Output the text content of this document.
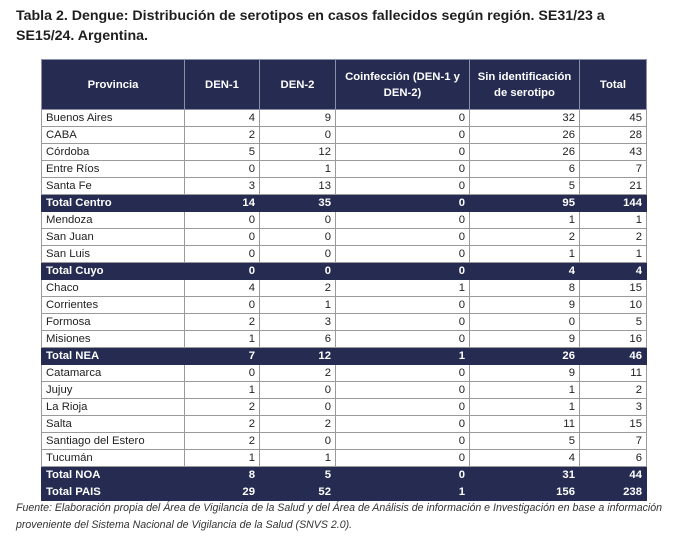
Tabla 2. Dengue: Distribución de serotipos en casos fallecidos según región. SE31/23 a SE15/24. Argentina.
Provincia	DEN-1	DEN-2	Coinfección (DEN-1 y DEN-2)	Sin identificación de serotipo	Total
Buenos Aires	4	9	0	32	45
CABA	2	0	0	26	28
Córdoba	5	12	0	26	43
Entre Ríos	0	1	0	6	7
Santa Fe	3	13	0	5	21
Total Centro	14	35	0	95	144
Mendoza	0	0	0	1	1
San Juan	0	0	0	2	2
San Luis	0	0	0	1	1
Total Cuyo	0	0	0	4	4
Chaco	4	2	1	8	15
Corrientes	0	1	0	9	10
Formosa	2	3	0	0	5
Misiones	1	6	0	9	16
Total NEA	7	12	1	26	46
Catamarca	0	2	0	9	11
Jujuy	1	0	0	1	2
La Rioja	2	0	0	1	3
Salta	2	2	0	11	15
Santiago del Estero	2	0	0	5	7
Tucumán	1	1	0	4	6
Total NOA	8	5	0	31	44
Total PAIS	29	52	1	156	238
Fuente: Elaboración propia del Área de Vigilancia de la Salud y del Área de Análisis de información e Investigación en base a información proveniente del Sistema Nacional de Vigilancia de la Salud (SNVS 2.0).
